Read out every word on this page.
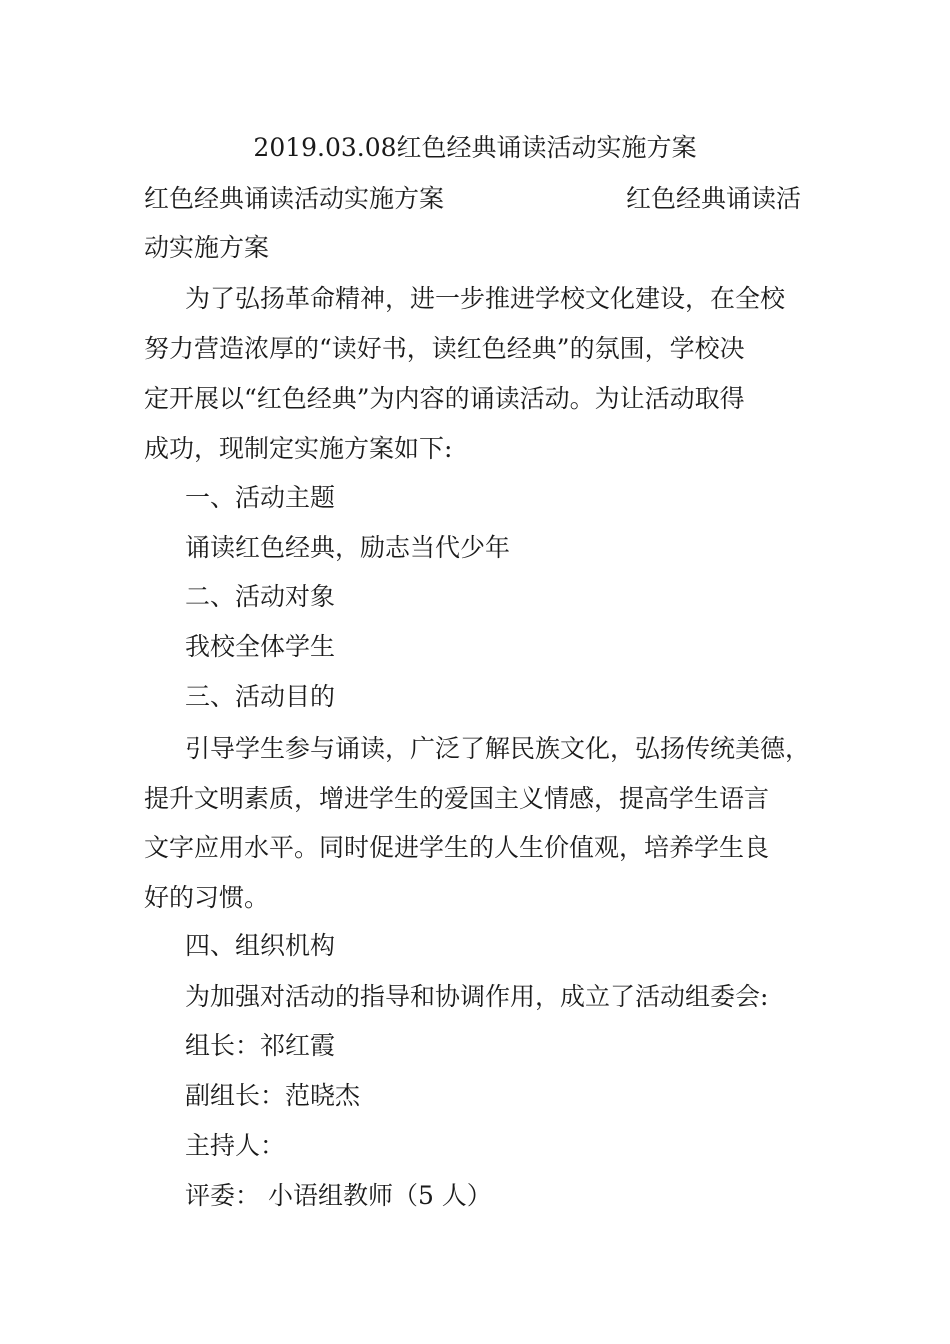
2019.03.08红色经典诵读活动实施方案
红色经典诵读活动实施方案	红色经典诵读活
动实施方案
为了弘扬革命精神，进一步推进学校文化建设，在全校
努力营造浓厚的“读好书，读红色经典”的氛围，学校决
定开展以“红色经典”为内容的诵读活动。为让活动取得
成功，现制定实施方案如下:
一、活动主题
诵读红色经典，励志当代少年
二、活动对象
我校全体学生
三、活动目的
引导学生参与诵读，广泛了解民族文化，弘扬传统美德，
提升文明素质，增进学生的爱国主义情感，提高学生语言
文字应用水平。同时促进学生的人生价值观，培养学生良
好的习惯。
四、组织机构
为加强对活动的指导和协调作用，成立了活动组委会:
组长：祁红霞
副组长：范晓杰
主持人：
评委： 小语组教师（5 人）
